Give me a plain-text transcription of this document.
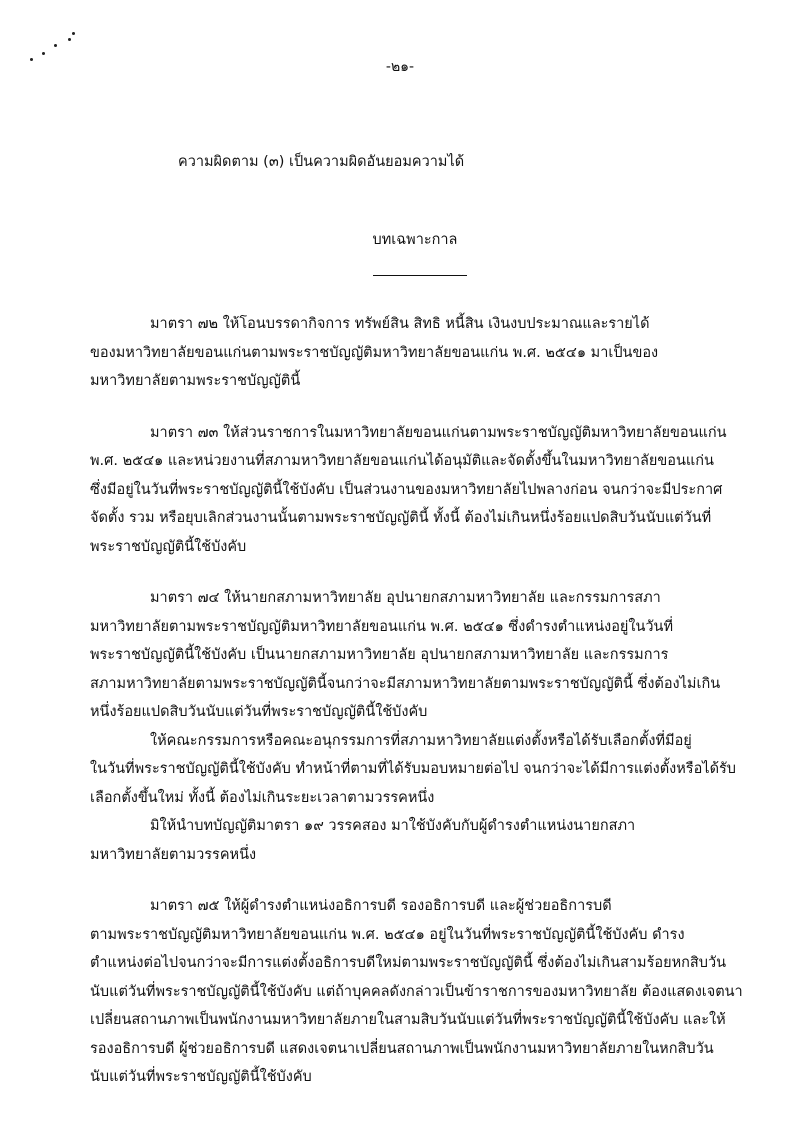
-๒๑-
ความผิดตาม (๓) เป็นความผิดอันยอมความได้
บทเฉพาะกาล
มาตรา ๗๒ ให้โอนบรรดากิจการ ทรัพย์สิน สิทธิ หนี้สิน เงินงบประมาณและรายได้
ของมหาวิทยาลัยขอนแก่นตามพระราชบัญญัติมหาวิทยาลัยขอนแก่น พ.ศ. ๒๕๔๑ มาเป็นของ
มหาวิทยาลัยตามพระราชบัญญัตินี้
มาตรา ๗๓ ให้ส่วนราชการในมหาวิทยาลัยขอนแก่นตามพระราชบัญญัติมหาวิทยาลัยขอนแก่น
พ.ศ. ๒๕๔๑ และหน่วยงานที่สภามหาวิทยาลัยขอนแก่นได้อนุมัติและจัดตั้งขึ้นในมหาวิทยาลัยขอนแก่น
ซึ่งมีอยู่ในวันที่พระราชบัญญัตินี้ใช้บังคับ เป็นส่วนงานของมหาวิทยาลัยไปพลางก่อน จนกว่าจะมีประกาศ
จัดตั้ง รวม หรือยุบเลิกส่วนงานนั้นตามพระราชบัญญัตินี้ ทั้งนี้ ต้องไม่เกินหนึ่งร้อยแปดสิบวันนับแต่วันที่
พระราชบัญญัตินี้ใช้บังคับ
มาตรา ๗๔ ให้นายกสภามหาวิทยาลัย อุปนายกสภามหาวิทยาลัย และกรรมการสภา
มหาวิทยาลัยตามพระราชบัญญัติมหาวิทยาลัยขอนแก่น พ.ศ. ๒๕๔๑ ซึ่งดำรงตำแหน่งอยู่ในวันที่
พระราชบัญญัตินี้ใช้บังคับ เป็นนายกสภามหาวิทยาลัย อุปนายกสภามหาวิทยาลัย และกรรมการ
สภามหาวิทยาลัยตามพระราชบัญญัตินี้จนกว่าจะมีสภามหาวิทยาลัยตามพระราชบัญญัตินี้ ซึ่งต้องไม่เกิน
หนึ่งร้อยแปดสิบวันนับแต่วันที่พระราชบัญญัตินี้ใช้บังคับ
ให้คณะกรรมการหรือคณะอนุกรรมการที่สภามหาวิทยาลัยแต่งตั้งหรือได้รับเลือกตั้งที่มีอยู่
ในวันที่พระราชบัญญัตินี้ใช้บังคับ ทำหน้าที่ตามที่ได้รับมอบหมายต่อไป จนกว่าจะได้มีการแต่งตั้งหรือได้รับ
เลือกตั้งขึ้นใหม่ ทั้งนี้ ต้องไม่เกินระยะเวลาตามวรรคหนึ่ง
มิให้นำบทบัญญัติมาตรา ๑๙ วรรคสอง มาใช้บังคับกับผู้ดำรงตำแหน่งนายกสภา
มหาวิทยาลัยตามวรรคหนึ่ง
มาตรา ๗๕ ให้ผู้ดำรงตำแหน่งอธิการบดี รองอธิการบดี และผู้ช่วยอธิการบดี
ตามพระราชบัญญัติมหาวิทยาลัยขอนแก่น พ.ศ. ๒๕๔๑ อยู่ในวันที่พระราชบัญญัตินี้ใช้บังคับ ดำรง
ตำแหน่งต่อไปจนกว่าจะมีการแต่งตั้งอธิการบดีใหม่ตามพระราชบัญญัตินี้ ซึ่งต้องไม่เกินสามร้อยหกสิบวัน
นับแต่วันที่พระราชบัญญัตินี้ใช้บังคับ แต่ถ้าบุคคลดังกล่าวเป็นข้าราชการของมหาวิทยาลัย ต้องแสดงเจตนา
เปลี่ยนสถานภาพเป็นพนักงานมหาวิทยาลัยภายในสามสิบวันนับแต่วันที่พระราชบัญญัตินี้ใช้บังคับ และให้
รองอธิการบดี ผู้ช่วยอธิการบดี แสดงเจตนาเปลี่ยนสถานภาพเป็นพนักงานมหาวิทยาลัยภายในหกสิบวัน
นับแต่วันที่พระราชบัญญัตินี้ใช้บังคับ
